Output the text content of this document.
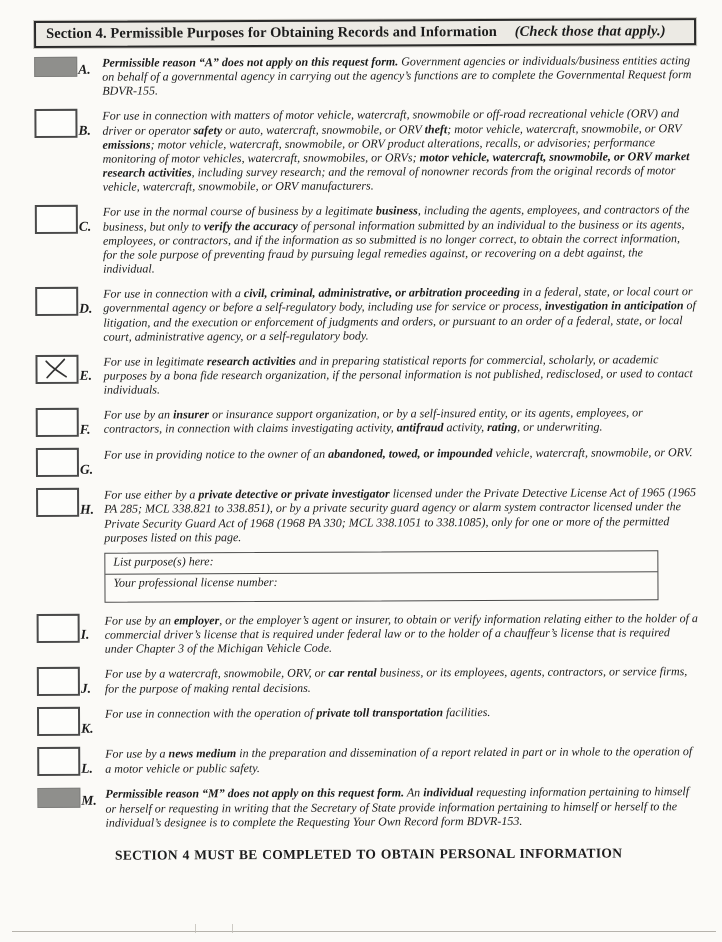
Section 4. Permissible Purposes for Obtaining Records and Information (Check those that apply.)
A. Permissible reason “A” does not apply on this request form. Government agencies or individuals/business entities acting on behalf of a governmental agency in carrying out the agency’s functions are to complete the Governmental Request form BDVR-155.
B.
For use in connection with matters of motor vehicle, watercraft, snowmobile or off-road recreational vehicle (ORV) and driver or operator safety or auto, watercraft, snowmobile, or ORV theft; motor vehicle, watercraft, snowmobile, or ORV emissions; motor vehicle, watercraft, snowmobile, or ORV product alterations, recalls, or advisories; performance monitoring of motor vehicles, watercraft, snowmobiles, or ORVs; motor vehicle, watercraft, snowmobile, or ORV market research activities, including survey research; and the removal of nonowner records from the original records of motor vehicle, watercraft, snowmobile, or ORV manufacturers.
C.
For use in the normal course of business by a legitimate business, including the agents, employees, and contractors of the business, but only to verify the accuracy of personal information submitted by an individual to the business or its agents, employees, or contractors, and if the information as so submitted is no longer correct, to obtain the correct information, for the sole purpose of preventing fraud by pursuing legal remedies against, or recovering on a debt against, the individual.
D.
For use in connection with a civil, criminal, administrative, or arbitration proceeding in a federal, state, or local court or governmental agency or before a self-regulatory body, including use for service or process, investigation in anticipation of litigation, and the execution or enforcement of judgments and orders, or pursuant to an order of a federal, state, or local court, administrative agency, or a self-regulatory body.
E.
For use in legitimate research activities and in preparing statistical reports for commercial, scholarly, or academic purposes by a bona fide research organization, if the personal information is not published, redisclosed, or used to contact individuals.
F.
For use by an insurer or insurance support organization, or by a self-insured entity, or its agents, employees, or contractors, in connection with claims investigating activity, antifraud activity, rating, or underwriting.
G.
For use in providing notice to the owner of an abandoned, towed, or impounded vehicle, watercraft, snowmobile, or ORV.
H.
For use either by a private detective or private investigator licensed under the Private Detective License Act of 1965 (1965 PA 285; MCL 338.821 to 338.851), or by a private security guard agency or alarm system contractor licensed under the Private Security Guard Act of 1968 (1968 PA 330; MCL 338.1051 to 338.1085), only for one or more of the permitted purposes listed on this page.
List purpose(s) here:
Your professional license number:
I.
For use by an employer, or the employer’s agent or insurer, to obtain or verify information relating either to the holder of a commercial driver’s license that is required under federal law or to the holder of a chauffeur’s license that is required under Chapter 3 of the Michigan Vehicle Code.
J.
For use by a watercraft, snowmobile, ORV, or car rental business, or its employees, agents, contractors, or service firms, for the purpose of making rental decisions.
K.
For use in connection with the operation of private toll transportation facilities.
L.
For use by a news medium in the preparation and dissemination of a report related in part or in whole to the operation of a motor vehicle or public safety.
M. Permissible reason “M” does not apply on this request form. An individual requesting information pertaining to himself or herself or requesting in writing that the Secretary of State provide information pertaining to himself or herself to the individual’s designee is to complete the Requesting Your Own Record form BDVR-153.
SECTION 4 MUST BE COMPLETED TO OBTAIN PERSONAL INFORMATION
